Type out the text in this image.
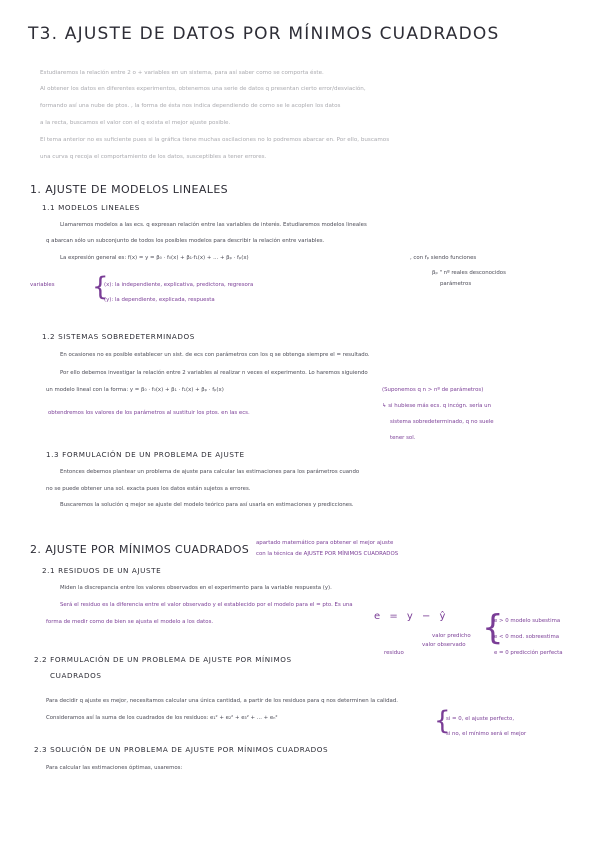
T3. AJUSTE DE DATOS POR MÍNIMOS CUADRADOS
Estudiaremos la relación entre 2 o + variables en un sistema, para así saber como se comporta éste.
Al obtener los datos en diferentes experimentos, obtenemos una serie de datos q presentan cierto error/desviación,
formando así una nube de ptos. , la forma de ésta nos indica dependiendo de como se le acoplen los datos
a la recta, buscamos el valor con el q exista el mejor ajuste posible.
El tema anterior no es suficiente pues si la gráfica tiene muchas oscilaciones no lo podremos abarcar en. Por ello, buscamos
una curva q recoja el comportamiento de los datos, susceptibles a tener errores.
1. AJUSTE DE MODELOS LINEALES
1.1 MODELOS LINEALES
Llamaremos modelos a las ecs. q expresan relación entre las variables de interés. Estudiaremos modelos lineales
q abarcan sólo un subconjunto de todos los posibles modelos para describir la relación entre variables.
La expresión general es: f(x) = y = β₀ · f₀(x) + β₁·f₁(x) + ... + βₚ · fₚ(x)	, con fₚ siendo funciones
βₚ " nº reales desconocidos
parámetros
variables {
(x): la independiente, explicativa, predictora, regresora
(y): la dependiente, explicada, respuesta
1.2 SISTEMAS SOBREDETERMINADOS
En ocasiones no es posible establecer un sist. de ecs con parámetros con los q se obtenga siempre el = resultado.
Por ello debemos investigar la relación entre 2 variables al realizar n veces el experimento. Lo haremos siguiendo
un modelo lineal con la forma: y = β₀ · f₀(x) + β₁ · f₁(x) + βₚ · fₚ(x)
obtendremos los valores de los parámetros al sustituir los ptos. en las ecs.
(Suponemos q n > nº de parámetros)
↳ si hubiese más ecs. q incógn. sería un
sistema sobredeterminado, q no suele
tener sol.
1.3 FORMULACIÓN DE UN PROBLEMA DE AJUSTE
Entonces debemos plantear un problema de ajuste para calcular las estimaciones para los parámetros cuando
no se puede obtener una sol. exacta pues los datos están sujetos a errores.
Buscaremos la solución q mejor se ajuste del modelo teórico para así usarla en estimaciones y predicciones.
2. AJUSTE POR MÍNIMOS CUADRADOS apartado matemático para obtener el mejor ajuste
con la técnica de AJUSTE POR MÍNIMOS CUADRADOS
2.1 RESIDUOS DE UN AJUSTE
Miden la discrepancia entre los valores observados en el experimento para la variable respuesta (y).
Será el residuo es la diferencia entre el valor observado y el establecido por el modelo para el = pto. Es una
forma de medir como de bien se ajusta el modelo a los datos.	e = y − ŷ
valor predicho
valor observado
residuo
{
e > 0 modelo subestima
e < 0 mod. sobreestima
e = 0 predicción perfecta
2.2 FORMULACIÓN DE UN PROBLEMA DE AJUSTE POR MÍNIMOS
CUADRADOS
Para decidir q ajuste es mejor, necesitamos calcular una única cantidad, a partir de los residuos para q nos determinen la calidad.
Consideramos así la suma de los cuadrados de los residuos: e₁² + e₂² + e₃² + ... + eₙ²	{
si = 0, el ajuste perfecto,
si no, el mínimo será el mejor
2.3 SOLUCIÓN DE UN PROBLEMA DE AJUSTE POR MÍNIMOS CUADRADOS
Para calcular las estimaciones óptimas, usaremos:
